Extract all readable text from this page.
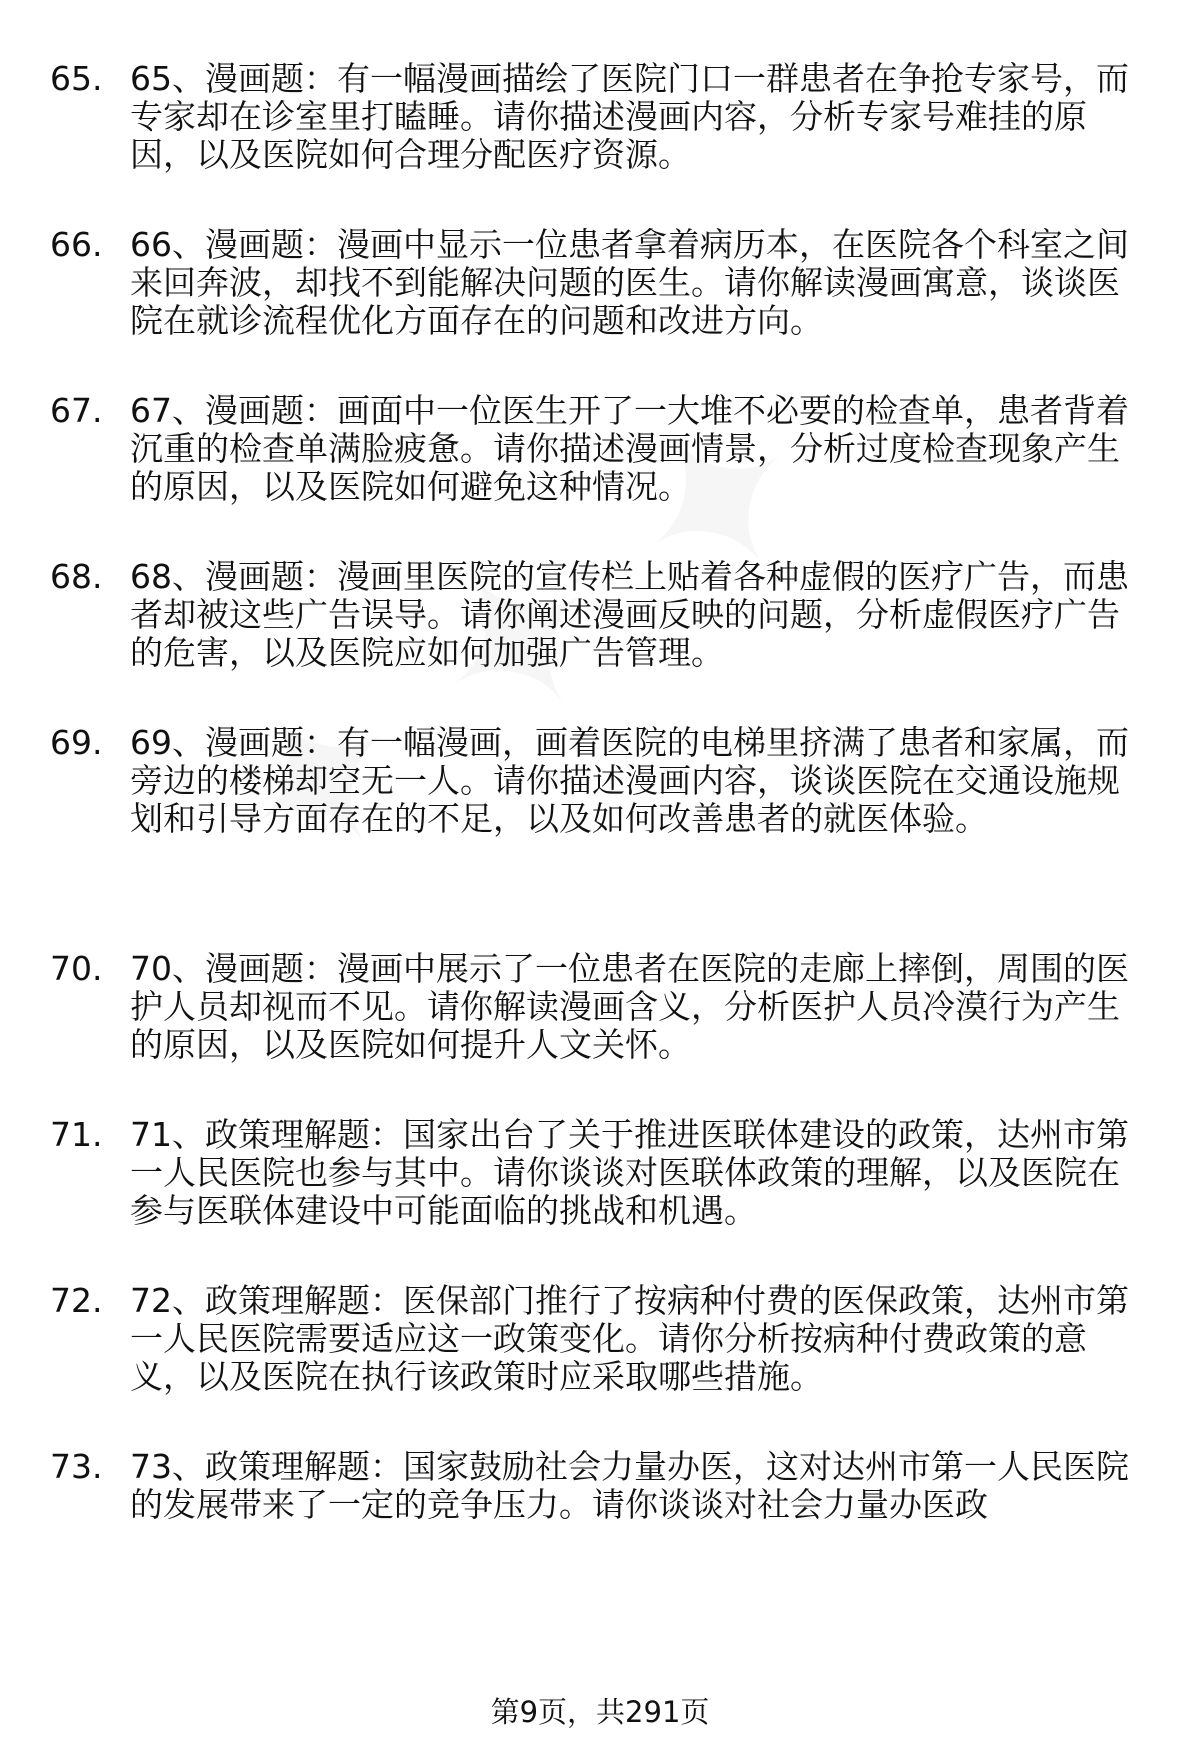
65. 65、漫画题：有一幅漫画描绘了医院门口一群患者在争抢专家号，而专家却在诊室里打瞌睡。请你描述漫画内容，分析专家号难挂的原因，以及医院如何合理分配医疗资源。
66. 66、漫画题：漫画中显示一位患者拿着病历本，在医院各个科室之间来回奔波，却找不到能解决问题的医生。请你解读漫画寓意，谈谈医院在就诊流程优化方面存在的问题和改进方向。
67. 67、漫画题：画面中一位医生开了一大堆不必要的检查单，患者背着沉重的检查单满脸疲惫。请你描述漫画情景，分析过度检查现象产生的原因，以及医院如何避免这种情况。
68. 68、漫画题：漫画里医院的宣传栏上贴着各种虚假的医疗广告，而患者却被这些广告误导。请你阐述漫画反映的问题，分析虚假医疗广告的危害，以及医院应如何加强广告管理。
69. 69、漫画题：有一幅漫画，画着医院的电梯里挤满了患者和家属，而旁边的楼梯却空无一人。请你描述漫画内容，谈谈医院在交通设施规划和引导方面存在的不足，以及如何改善患者的就医体验。
70. 70、漫画题：漫画中展示了一位患者在医院的走廊上摔倒，周围的医护人员却视而不见。请你解读漫画含义，分析医护人员冷漠行为产生的原因，以及医院如何提升人文关怀。
71. 71、政策理解题：国家出台了关于推进医联体建设的政策，达州市第一人民医院也参与其中。请你谈谈对医联体政策的理解，以及医院在参与医联体建设中可能面临的挑战和机遇。
72. 72、政策理解题：医保部门推行了按病种付费的医保政策，达州市第一人民医院需要适应这一政策变化。请你分析按病种付费政策的意义，以及医院在执行该政策时应采取哪些措施。
73. 73、政策理解题：国家鼓励社会力量办医，这对达州市第一人民医院的发展带来了一定的竞争压力。请你谈谈对社会力量办医政
第9页，共291页
